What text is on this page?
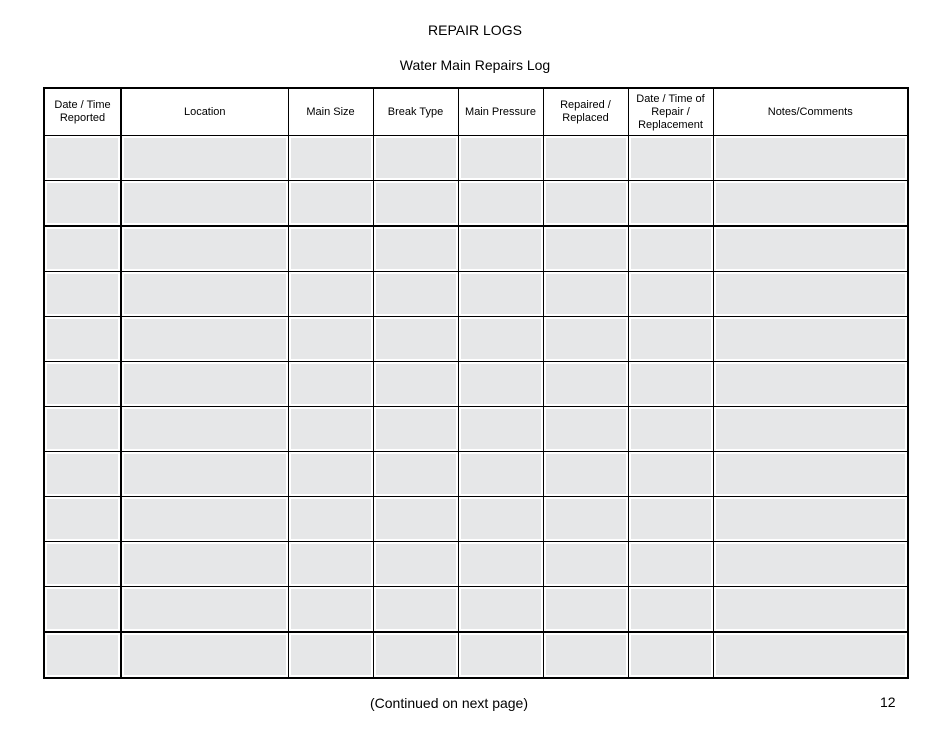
REPAIR LOGS
Water Main Repairs Log
Date / Time Reported	Location	Main Size	Break Type	Main Pressure	Repaired / Replaced	Date / Time of Repair / Replacement	Notes/Comments

(Continued on next page)	12
